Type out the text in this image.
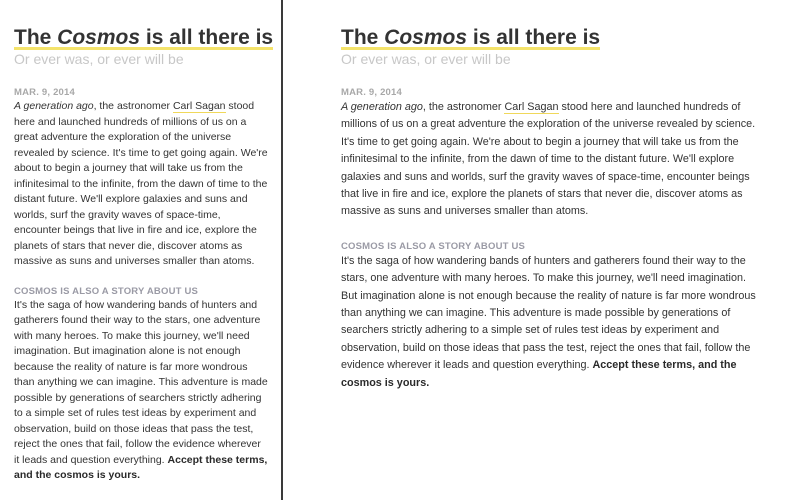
The Cosmos is all there is
Or ever was, or ever will be
MAR. 9, 2014

A generation ago, the astronomer Carl Sagan stood here and launched hundreds of millions of us on a great adventure the exploration of the universe revealed by science. It's time to get going again. We're about to begin a journey that will take us from the infinitesimal to the infinite, from the dawn of time to the distant future. We'll explore galaxies and suns and worlds, surf the gravity waves of space-time, encounter beings that live in fire and ice, explore the planets of stars that never die, discover atoms as massive as suns and universes smaller than atoms.

COSMOS IS ALSO A STORY ABOUT US

It's the saga of how wandering bands of hunters and gatherers found their way to the stars, one adventure with many heroes. To make this journey, we'll need imagination. But imagination alone is not enough because the reality of nature is far more wondrous than anything we can imagine. This adventure is made possible by generations of searchers strictly adhering to a simple set of rules test ideas by experiment and observation, build on those ideas that pass the test, reject the ones that fail, follow the evidence wherever it leads and question everything. Accept these terms, and the cosmos is yours.

The Cosmos is all there is
Or ever was, or ever will be
MAR. 9, 2014

A generation ago, the astronomer Carl Sagan stood here and launched hundreds of millions of us on a great adventure the exploration of the universe revealed by science. It's time to get going again. We're about to begin a journey that will take us from the infinitesimal to the infinite, from the dawn of time to the distant future. We'll explore galaxies and suns and worlds, surf the gravity waves of space-time, encounter beings that live in fire and ice, explore the planets of stars that never die, discover atoms as massive as suns and universes smaller than atoms.

COSMOS IS ALSO A STORY ABOUT US

It's the saga of how wandering bands of hunters and gatherers found their way to the stars, one adventure with many heroes. To make this journey, we'll need imagination. But imagination alone is not enough because the reality of nature is far more wondrous than anything we can imagine. This adventure is made possible by generations of searchers strictly adhering to a simple set of rules test ideas by experiment and observation, build on those ideas that pass the test, reject the ones that fail, follow the evidence wherever it leads and question everything. Accept these terms, and the cosmos is yours.
